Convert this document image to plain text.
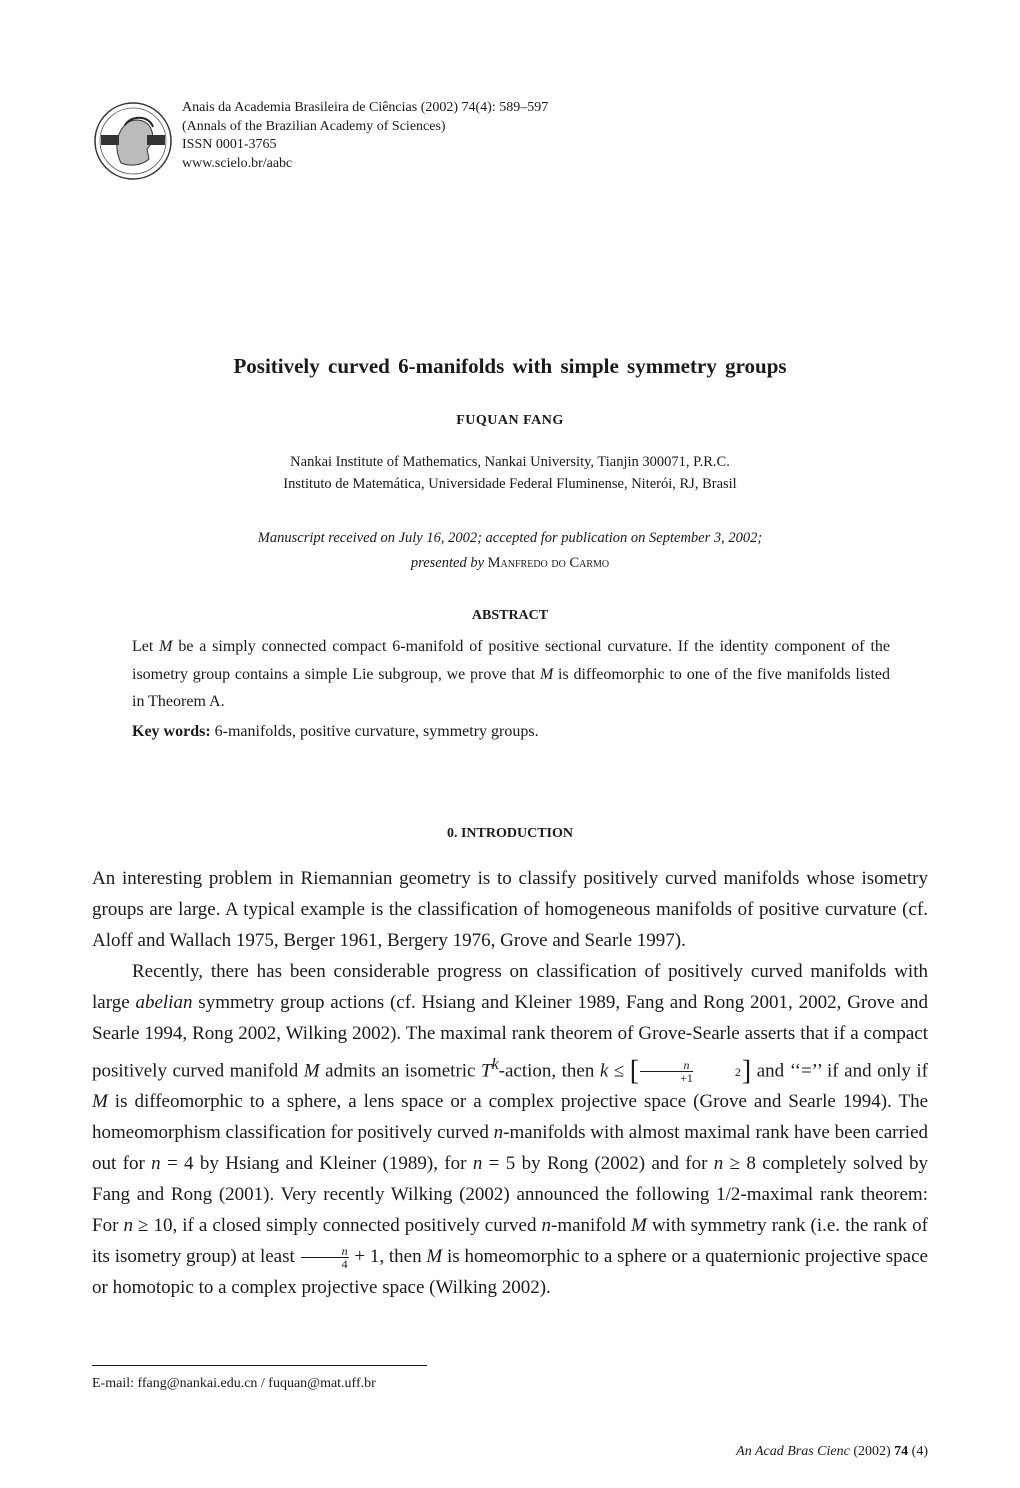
Anais da Academia Brasileira de Ciências (2002) 74(4): 589–597
(Annals of the Brazilian Academy of Sciences)
ISSN 0001-3765
www.scielo.br/aabc
Positively curved 6-manifolds with simple symmetry groups
FUQUAN FANG
Nankai Institute of Mathematics, Nankai University, Tianjin 300071, P.R.C.
Instituto de Matemática, Universidade Federal Fluminense, Niterói, RJ, Brasil
Manuscript received on July 16, 2002; accepted for publication on September 3, 2002;
presented by Manfredo do Carmo
ABSTRACT

Let M be a simply connected compact 6-manifold of positive sectional curvature. If the identity component of the isometry group contains a simple Lie subgroup, we prove that M is diffeomorphic to one of the five manifolds listed in Theorem A.

Key words: 6-manifolds, positive curvature, symmetry groups.

0. INTRODUCTION

An interesting problem in Riemannian geometry is to classify positively curved manifolds whose isometry groups are large. A typical example is the classification of homogeneous manifolds of positive curvature (cf. Aloff and Wallach 1975, Berger 1961, Bergery 1976, Grove and Searle 1997).

Recently, there has been considerable progress on classification of positively curved manifolds with large abelian symmetry group actions (cf. Hsiang and Kleiner 1989, Fang and Rong 2001, 2002, Grove and Searle 1994, Rong 2002, Wilking 2002). The maximal rank theorem of Grove-Searle asserts that if a compact positively curved manifold M admits an isometric $T^k$-action, then k ≤ [ $\frac{n}{+1}$	2 ] and ‘‘=’’ if and only if M is diffeomorphic to a sphere, a lens space or a complex projective space (Grove and Searle 1994). The homeomorphism classification for positively curved n-manifolds with almost maximal rank have been carried out for n = 4 by Hsiang and Kleiner (1989), for n = 5 by Rong (2002) and for n ≥ 8 completely solved by Fang and Rong (2001). Very recently Wilking (2002) announced the following 1/2-maximal rank theorem: For n ≥ 10, if a closed simply connected positively curved n-manifold M with symmetry rank (i.e. the rank of its isometry group) at least $\frac{n}{4} + 1$, then M is homeomorphic to a sphere or a quaternionic projective space or homotopic to a complex projective space (Wilking 2002).

E-mail: ffang@nankai.edu.cn / fuquan@mat.uff.br
An Acad Bras Cienc (2002) 74 (4)
